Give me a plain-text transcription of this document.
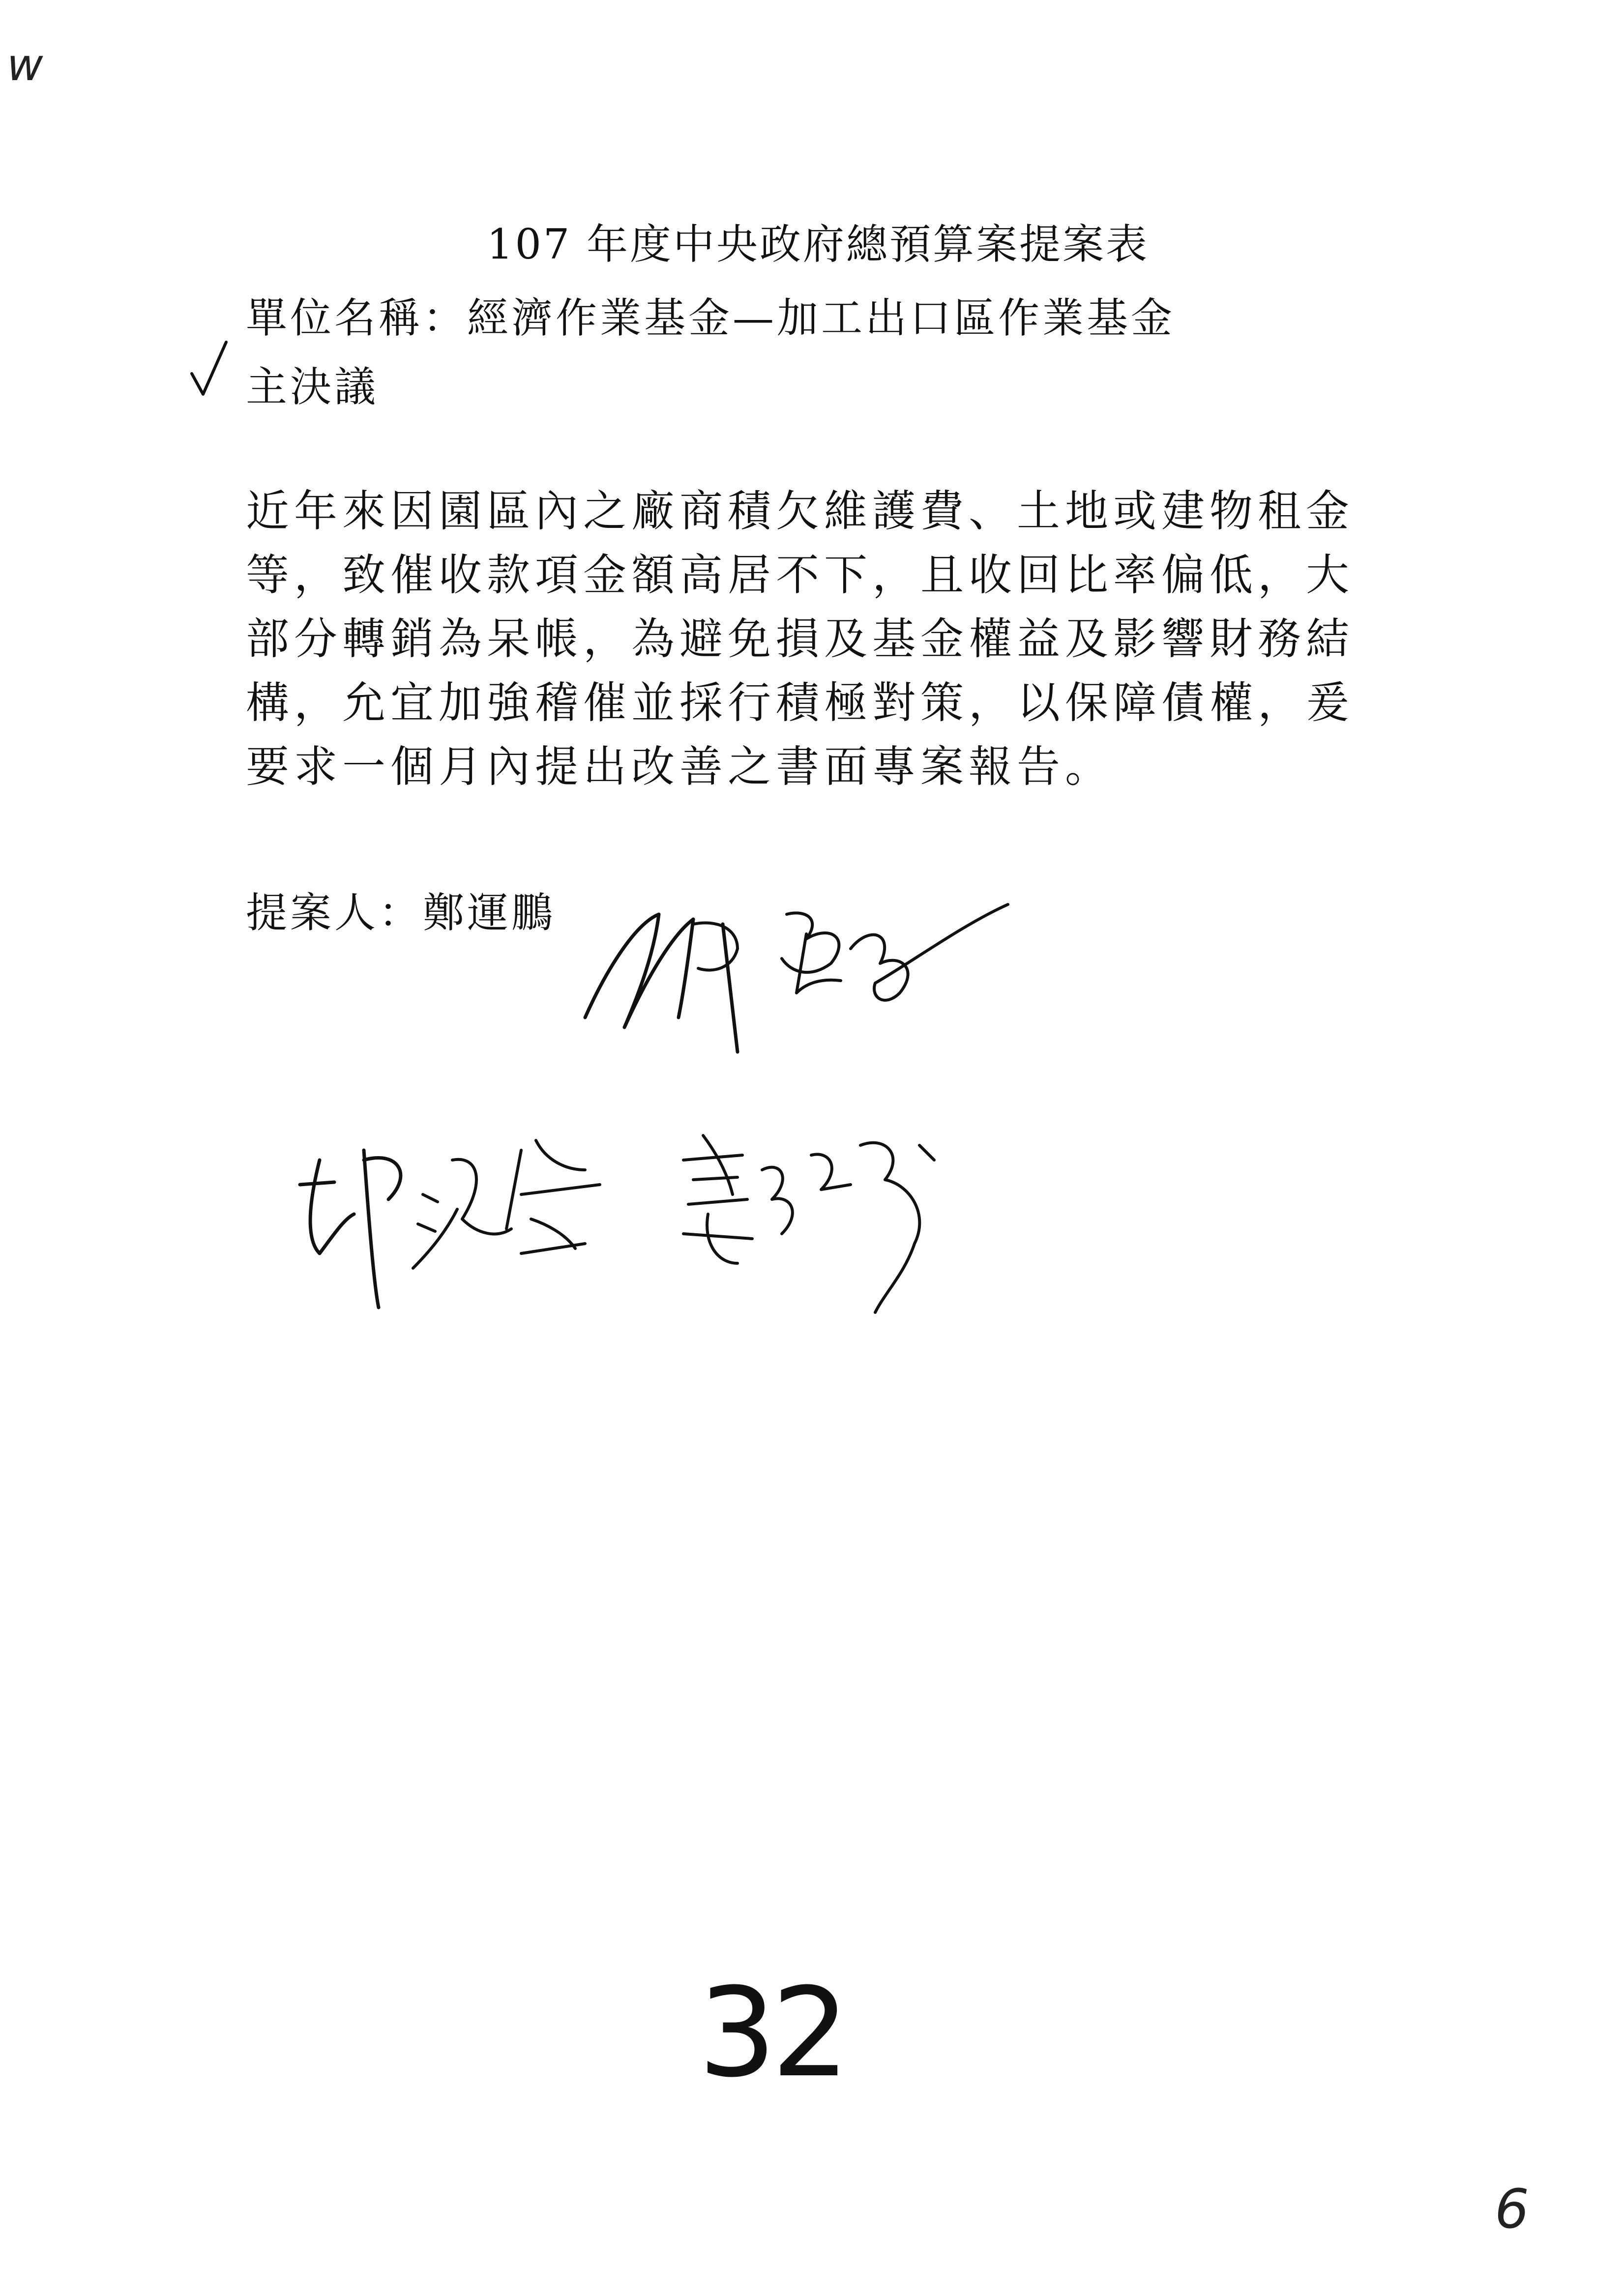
w
107 年度中央政府總預算案提案表
單位名稱：經濟作業基金—加工出口區作業基金
主決議

近年來因園區內之廠商積欠維護費、土地或建物租金等，致催收款項金額高居不下，且收回比率偏低，大部分轉銷為呆帳，為避免損及基金權益及影響財務結構，允宜加強稽催並採行積極對策，以保障債權，爰要求一個月內提出改善之書面專案報告。

提案人：鄭運鵬
32
6
